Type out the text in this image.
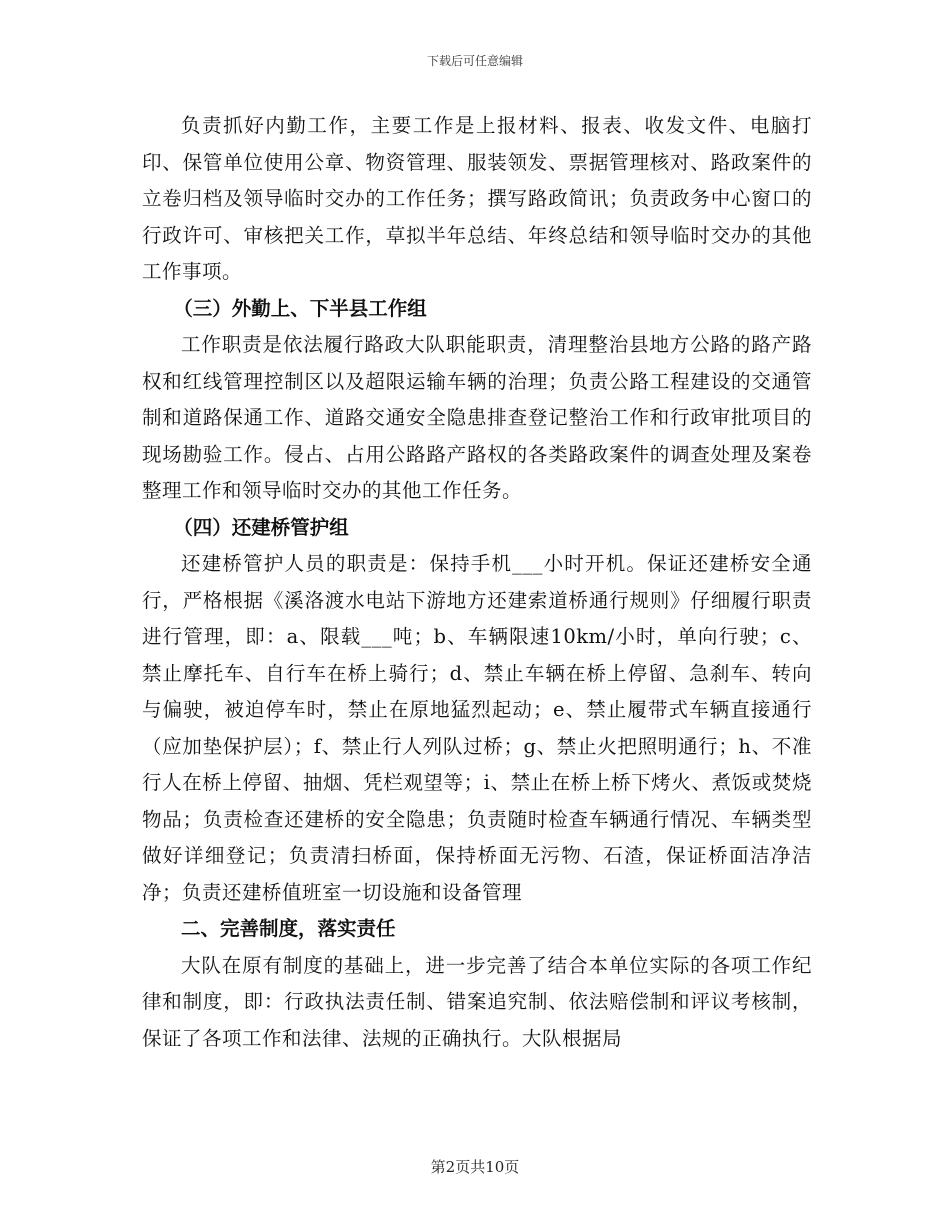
下载后可任意编辑

负责抓好内勤工作，主要工作是上报材料、报表、收发文件、电脑打印、保管单位使用公章、物资管理、服装领发、票据管理核对、路政案件的立卷归档及领导临时交办的工作任务；撰写路政简讯；负责政务中心窗口的行政许可、审核把关工作，草拟半年总结、年终总结和领导临时交办的其他工作事项。

（三）外勤上、下半县工作组

工作职责是依法履行路政大队职能职责，清理整治县地方公路的路产路权和红线管理控制区以及超限运输车辆的治理；负责公路工程建设的交通管制和道路保通工作、道路交通安全隐患排查登记整治工作和行政审批项目的现场勘验工作。侵占、占用公路路产路权的各类路政案件的调查处理及案卷整理工作和领导临时交办的其他工作任务。

（四）还建桥管护组

还建桥管护人员的职责是：保持手机___小时开机。保证还建桥安全通行，严格根据《溪洛渡水电站下游地方还建索道桥通行规则》仔细履行职责进行管理，即：a、限载___吨；b、车辆限速10km/小时，单向行驶；c、禁止摩托车、自行车在桥上骑行；d、禁止车辆在桥上停留、急刹车、转向与偏驶，被迫停车时，禁止在原地猛烈起动；e、禁止履带式车辆直接通行（应加垫保护层）；f、禁止行人列队过桥；g、禁止火把照明通行；h、不准行人在桥上停留、抽烟、凭栏观望等；i、禁止在桥上桥下烤火、煮饭或焚烧物品；负责检查还建桥的安全隐患；负责随时检查车辆通行情况、车辆类型做好详细登记；负责清扫桥面，保持桥面无污物、石渣，保证桥面洁净洁净；负责还建桥值班室一切设施和设备管理

二、完善制度，落实责任

大队在原有制度的基础上，进一步完善了结合本单位实际的各项工作纪律和制度，即：行政执法责任制、错案追究制、依法赔偿制和评议考核制，保证了各项工作和法律、法规的正确执行。大队根据局

第2页共10页
